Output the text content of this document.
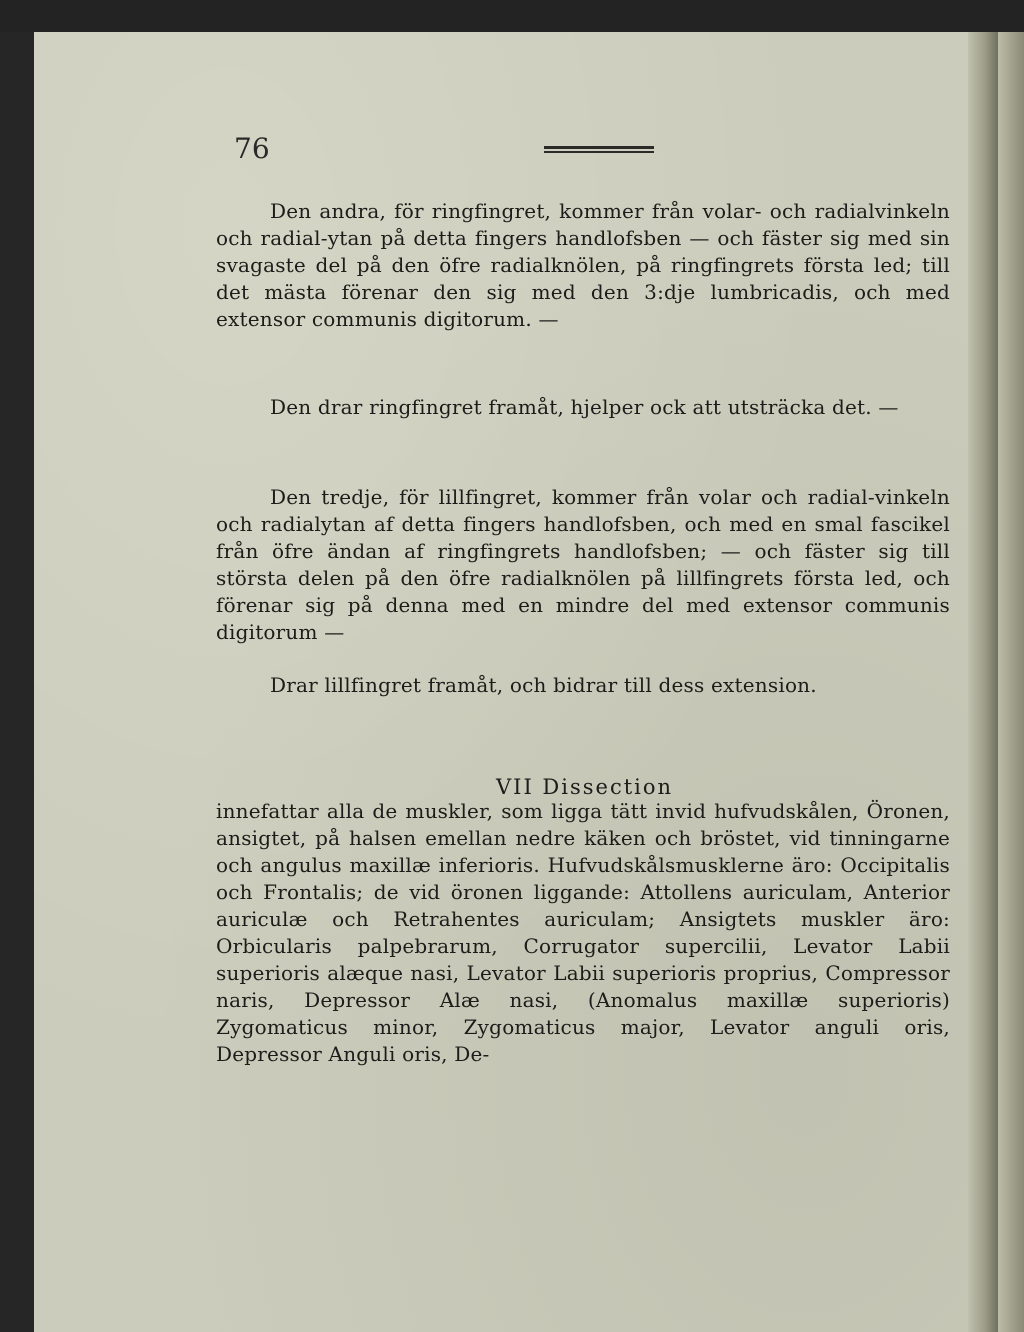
76

Den andra, för ringfingret, kommer från volar- och radialvinkeln och radial-ytan på detta fingers handlofsben — och fäster sig med sin svagaste del på den öfre radialknölen, på ringfingrets första led; till det mästa förenar den sig med den 3:dje lumbricadis, och med extensor communis digitorum. —

Den drar ringfingret framåt, hjelper ock att utsträcka det. —

Den tredje, för lillfingret, kommer från volar och radial-vinkeln och radialytan af detta fingers handlofsben, och med en smal fascikel från öfre ändan af ringfingrets handlofsben; — och fäster sig till största delen på den öfre radialknölen på lillfingrets första led, och förenar sig på denna med en mindre del med extensor communis digitorum —

Drar lillfingret framåt, och bidrar till dess extension.

VII Dissection

innefattar alla de muskler, som ligga tätt invid hufvudskålen, Öronen, ansigtet, på halsen emellan nedre käken och bröstet, vid tinningarne och angulus maxillæ inferioris. Hufvudskålsmusklerne äro: Occipitalis och Frontalis; de vid öronen liggande: Attollens auriculam, Anterior auriculæ och Retrahentes auriculam; Ansigtets muskler äro: Orbicularis palpebrarum, Corrugator supercilii, Levator Labii superioris alæque nasi, Levator Labii superioris proprius, Compressor naris, Depressor Alæ nasi, (Anomalus maxillæ superioris) Zygomaticus minor, Zygomaticus major, Levator anguli oris, Depressor Anguli oris, De-
